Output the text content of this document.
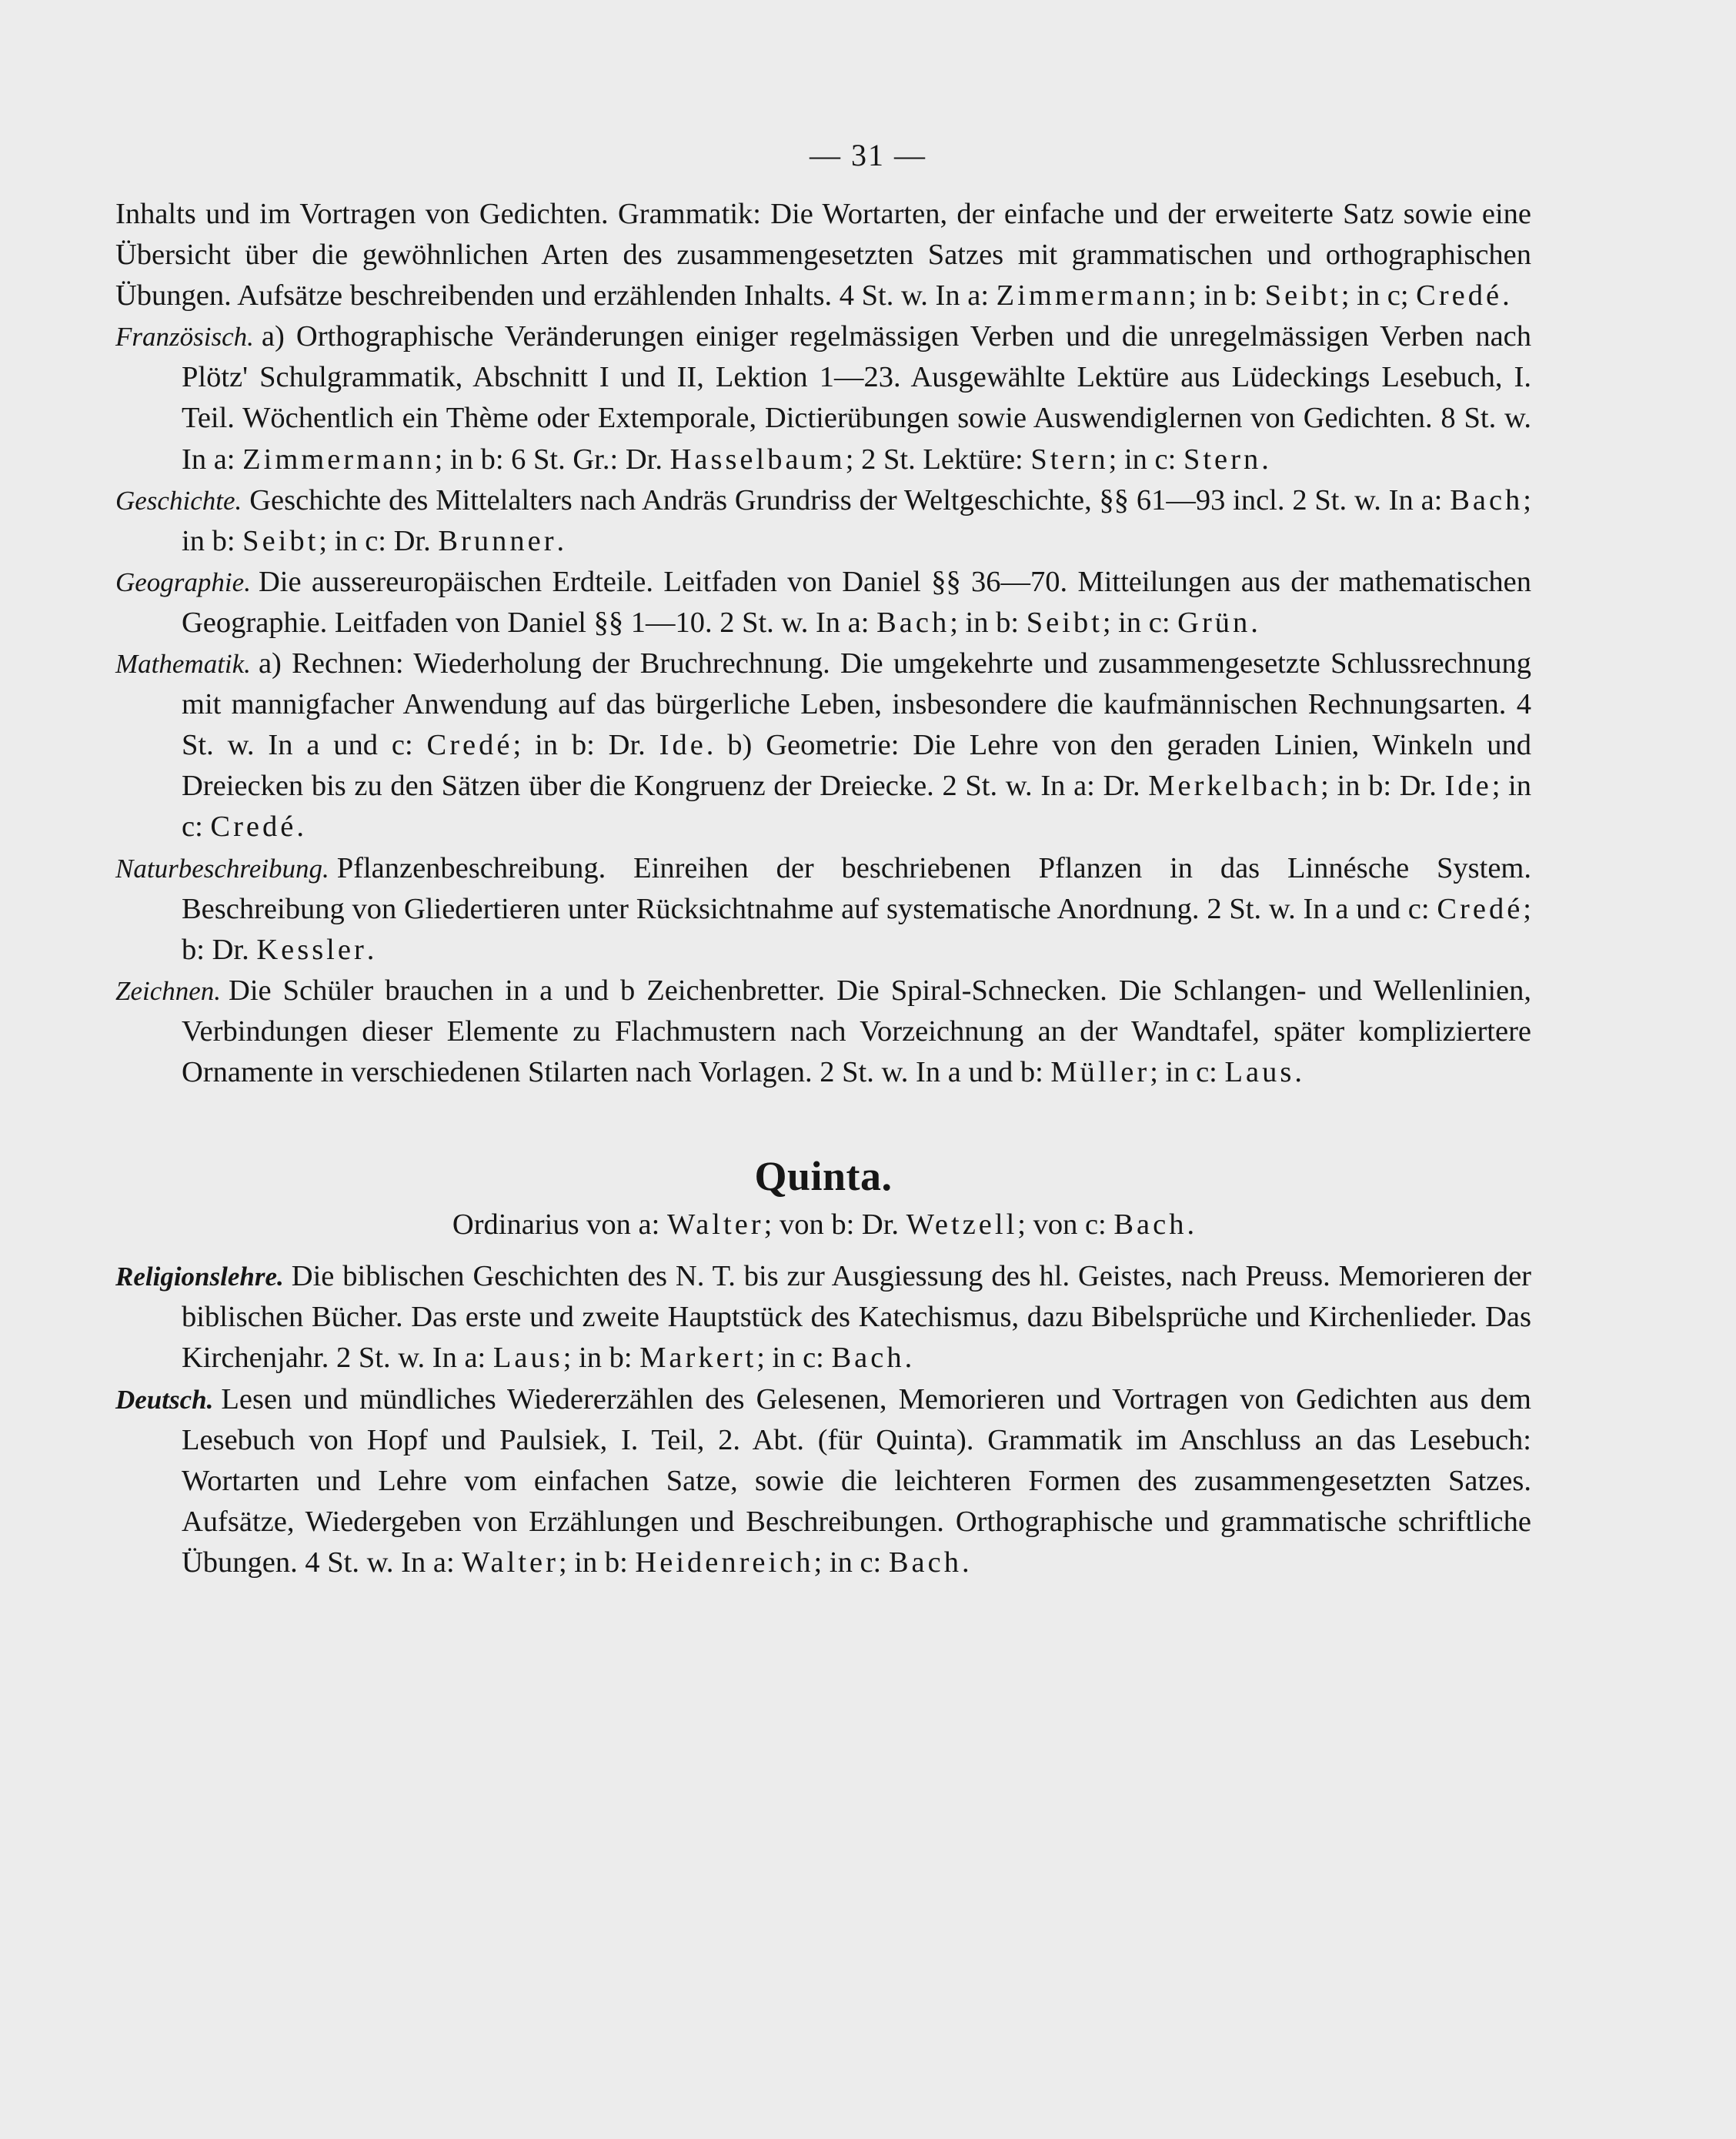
— 31 —

Inhalts und im Vortragen von Gedichten. Grammatik: Die Wortarten, der einfache und der erweiterte Satz sowie eine Übersicht über die gewöhnlichen Arten des zusammengesetzten Satzes mit grammatischen und orthographischen Übungen. Aufsätze beschreibenden und erzählenden Inhalts. 4 St. w. In a: Zimmermann; in b: Seibt; in c; Credé.

Französisch. a) Orthographische Veränderungen einiger regelmässigen Verben und die unregelmässigen Verben nach Plötz' Schulgrammatik, Abschnitt I und II, Lektion 1—23. Ausgewählte Lektüre aus Lüdeckings Lesebuch, I. Teil. Wöchentlich ein Thème oder Extemporale, Dictierübungen sowie Auswendiglernen von Gedichten. 8 St. w. In a: Zimmermann; in b: 6 St. Gr.: Dr. Hasselbaum; 2 St. Lektüre: Stern; in c: Stern.

Geschichte. Geschichte des Mittelalters nach Andräs Grundriss der Weltgeschichte, §§ 61—93 incl. 2 St. w. In a: Bach; in b: Seibt; in c: Dr. Brunner.

Geographie. Die aussereuropäischen Erdteile. Leitfaden von Daniel §§ 36—70. Mitteilungen aus der mathematischen Geographie. Leitfaden von Daniel §§ 1—10. 2 St. w. In a: Bach; in b: Seibt; in c: Grün.

Mathematik. a) Rechnen: Wiederholung der Bruchrechnung. Die umgekehrte und zusammengesetzte Schlussrechnung mit mannigfacher Anwendung auf das bürgerliche Leben, insbesondere die kaufmännischen Rechnungsarten. 4 St. w. In a und c: Credé; in b: Dr. Ide. b) Geometrie: Die Lehre von den geraden Linien, Winkeln und Dreiecken bis zu den Sätzen über die Kongruenz der Dreiecke. 2 St. w. In a: Dr. Merkelbach; in b: Dr. Ide; in c: Credé.

Naturbeschreibung. Pflanzenbeschreibung. Einreihen der beschriebenen Pflanzen in das Linnésche System. Beschreibung von Gliedertieren unter Rücksichtnahme auf systematische Anordnung. 2 St. w. In a und c: Credé; b: Dr. Kessler.

Zeichnen. Die Schüler brauchen in a und b Zeichenbretter. Die Spiral-Schnecken. Die Schlangen- und Wellenlinien, Verbindungen dieser Elemente zu Flachmustern nach Vorzeichnung an der Wandtafel, später kompliziertere Ornamente in verschiedenen Stilarten nach Vorlagen. 2 St. w. In a und b: Müller; in c: Laus.

Quinta.

Ordinarius von a: Walter; von b: Dr. Wetzell; von c: Bach.

Religionslehre. Die biblischen Geschichten des N. T. bis zur Ausgiessung des hl. Geistes, nach Preuss. Memorieren der biblischen Bücher. Das erste und zweite Hauptstück des Katechismus, dazu Bibelsprüche und Kirchenlieder. Das Kirchenjahr. 2 St. w. In a: Laus; in b: Markert; in c: Bach.

Deutsch. Lesen und mündliches Wiedererzählen des Gelesenen, Memorieren und Vortragen von Gedichten aus dem Lesebuch von Hopf und Paulsiek, I. Teil, 2. Abt. (für Quinta). Grammatik im Anschluss an das Lesebuch: Wortarten und Lehre vom einfachen Satze, sowie die leichteren Formen des zusammengesetzten Satzes. Aufsätze, Wiedergeben von Erzählungen und Beschreibungen. Orthographische und grammatische schriftliche Übungen. 4 St. w. In a: Walter; in b: Heidenreich; in c: Bach.
